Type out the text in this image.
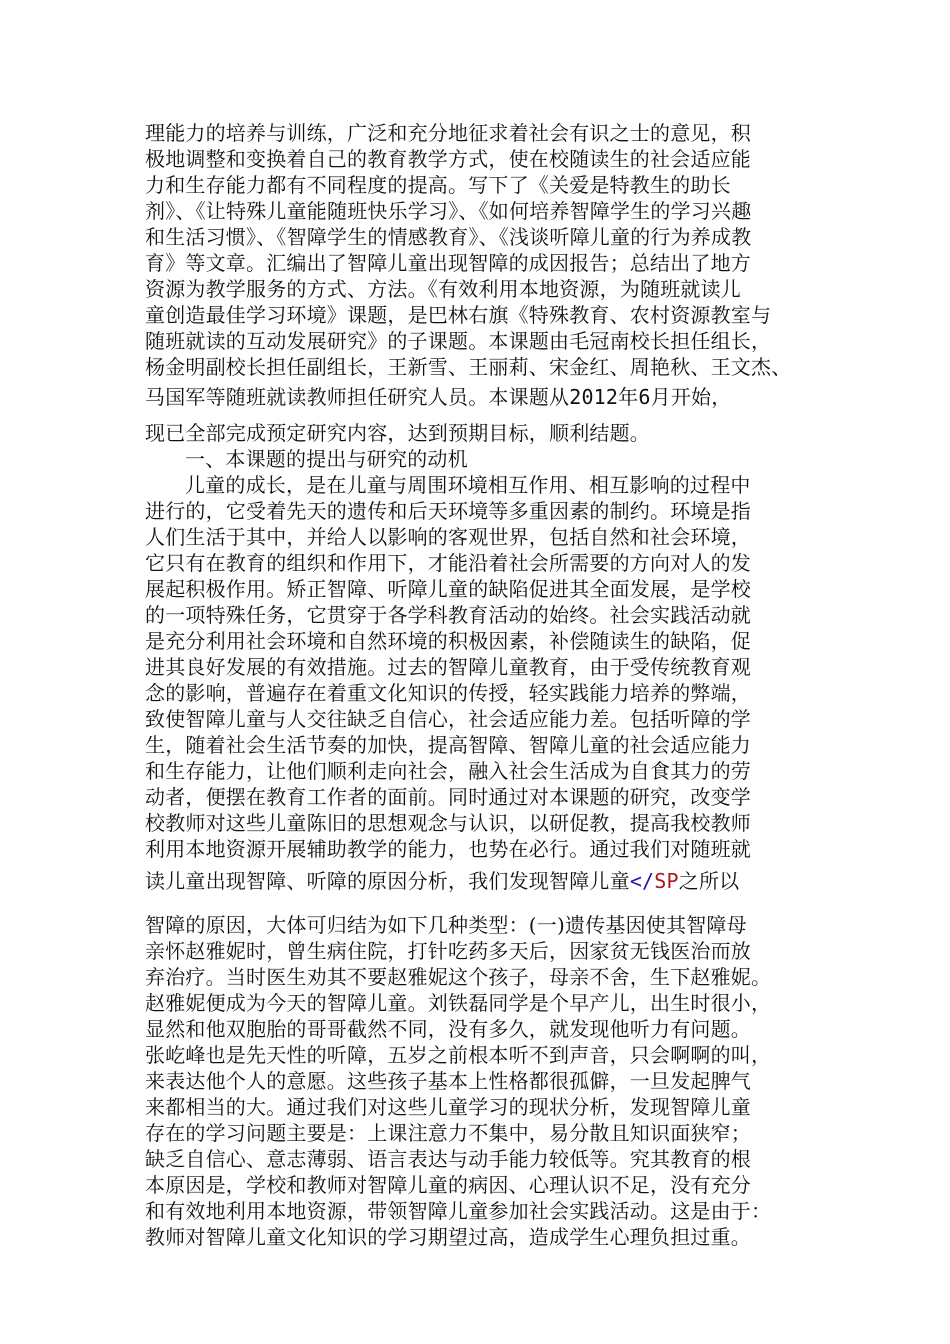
理能力的培养与训练，广泛和充分地征求着社会有识之士的意见，积
极地调整和变换着自己的教育教学方式，使在校随读生的社会适应能
力和生存能力都有不同程度的提高。写下了《关爱是特教生的助长
剂》、《让特殊儿童能随班快乐学习》、《如何培养智障学生的学习兴趣
和生活习惯》、《智障学生的情感教育》、《浅谈听障儿童的行为养成教
育》等文章。汇编出了智障儿童出现智障的成因报告；总结出了地方
资源为教学服务的方式、方法。《有效利用本地资源，为随班就读儿
童创造最佳学习环境》课题，是巴林右旗《特殊教育、农村资源教室与
随班就读的互动发展研究》的子课题。本课题由毛冠南校长担任组长，
杨金明副校长担任副组长，王新雪、王丽莉、宋金红、周艳秋、王文杰、
马国军等随班就读教师担任研究人员。本课题从2012年6月开始，
现已全部完成预定研究内容，达到预期目标，顺利结题。
一、本课题的提出与研究的动机
儿童的成长，是在儿童与周围环境相互作用、相互影响的过程中
进行的，它受着先天的遗传和后天环境等多重因素的制约。环境是指
人们生活于其中，并给人以影响的客观世界，包括自然和社会环境，
它只有在教育的组织和作用下，才能沿着社会所需要的方向对人的发
展起积极作用。矫正智障、听障儿童的缺陷促进其全面发展，是学校
的一项特殊任务，它贯穿于各学科教育活动的始终。社会实践活动就
是充分利用社会环境和自然环境的积极因素，补偿随读生的缺陷，促
进其良好发展的有效措施。过去的智障儿童教育，由于受传统教育观
念的影响，普遍存在着重文化知识的传授，轻实践能力培养的弊端，
致使智障儿童与人交往缺乏自信心，社会适应能力差。包括听障的学
生，随着社会生活节奏的加快，提高智障、智障儿童的社会适应能力
和生存能力，让他们顺利走向社会，融入社会生活成为自食其力的劳
动者，便摆在教育工作者的面前。同时通过对本课题的研究，改变学
校教师对这些儿童陈旧的思想观念与认识，以研促教，提高我校教师
利用本地资源开展辅助教学的能力，也势在必行。通过我们对随班就
读儿童出现智障、听障的原因分析，我们发现智障儿童</SP之所以
智障的原因，大体可归结为如下几种类型：(一)遗传基因使其智障母
亲怀赵雅妮时，曾生病住院，打针吃药多天后，因家贫无钱医治而放
弃治疗。当时医生劝其不要赵雅妮这个孩子，母亲不舍，生下赵雅妮。
赵雅妮便成为今天的智障儿童。刘铁磊同学是个早产儿，出生时很小，
显然和他双胞胎的哥哥截然不同，没有多久，就发现他听力有问题。
张屹峰也是先天性的听障，五岁之前根本听不到声音，只会啊啊的叫，
来表达他个人的意愿。这些孩子基本上性格都很孤僻，一旦发起脾气
来都相当的大。通过我们对这些儿童学习的现状分析，发现智障儿童
存在的学习问题主要是：上课注意力不集中，易分散且知识面狭窄；
缺乏自信心、意志薄弱、语言表达与动手能力较低等。究其教育的根
本原因是，学校和教师对智障儿童的病因、心理认识不足，没有充分
和有效地利用本地资源，带领智障儿童参加社会实践活动。这是由于：
教师对智障儿童文化知识的学习期望过高，造成学生心理负担过重。
